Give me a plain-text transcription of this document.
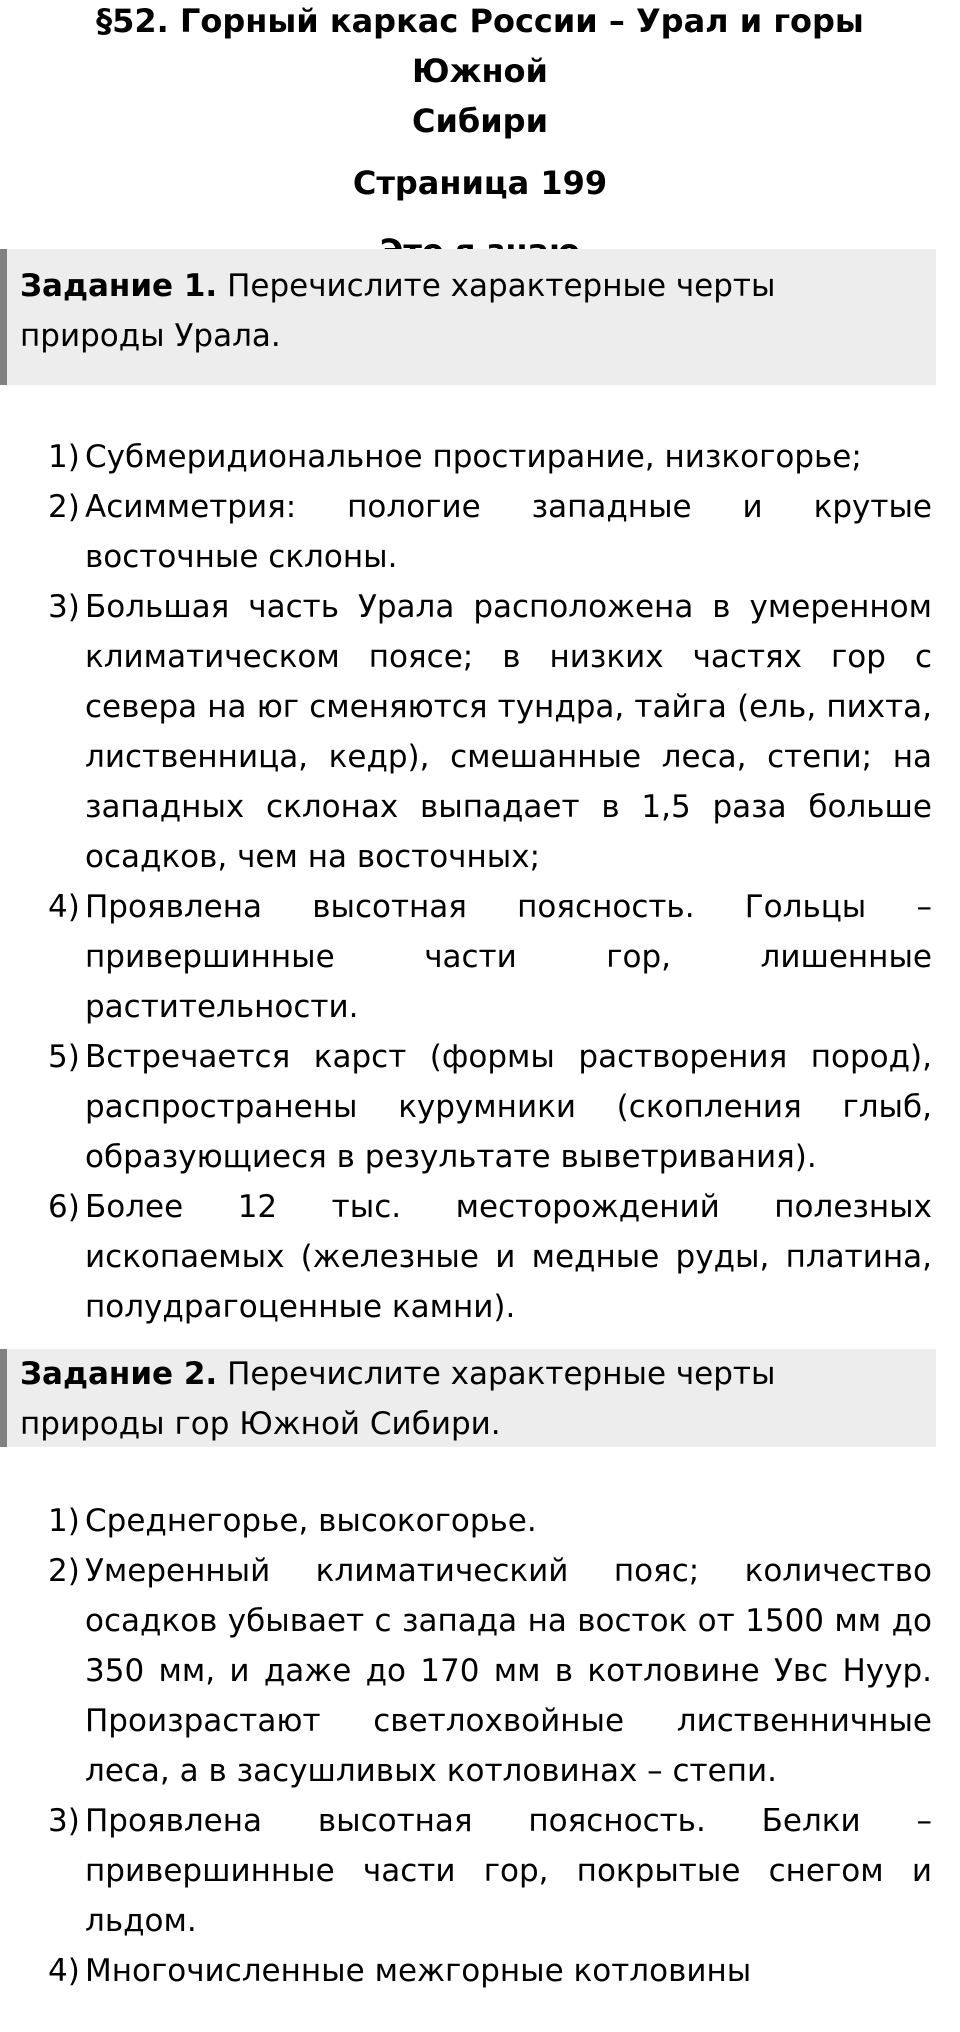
§52. Горный каркас России – Урал и горы Южной
Сибири
Страница 199
Задание 1. Перечислите характерные черты природы Урала.
1) Субмеридиональное простирание, низкогорье;
2) Асимметрия: пологие западные и крутые восточные склоны.
3) Большая часть Урала расположена в умеренном климатическом поясе; в низких частях гор с севера на юг сменяются тундра, тайга (ель, пихта, лиственница, кедр), смешанные леса, степи; на западных склонах выпадает в 1,5 раза больше осадков, чем на восточных;
4) Проявлена высотная поясность. Гольцы – привершинные части гор, лишенные растительности.
5) Встречается карст (формы растворения пород), распространены курумники (скопления глыб, образующиеся в результате выветривания).
6) Более 12 тыс. месторождений полезных ископаемых (железные и медные руды, платина, полудрагоценные камни).
Задание 2. Перечислите характерные черты природы гор Южной Сибири.
1) Среднегорье, высокогорье.
2) Умеренный климатический пояс; количество осадков убывает с запада на восток от 1500 мм до 350 мм, и даже до 170 мм в котловине Увс Нуур. Произрастают светлохвойные лиственничные леса, а в засушливых котловинах – степи.
3) Проявлена высотная поясность. Белки – привершинные части гор, покрытые снегом и льдом.
4) Многочисленные межгорные котловины
